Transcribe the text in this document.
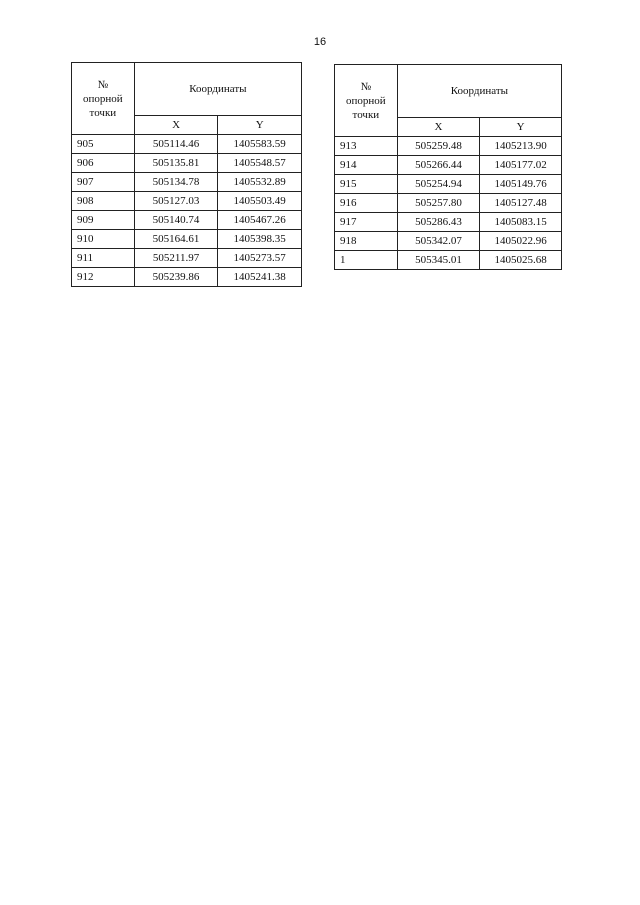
16
№
опорной
точки	Координаты	
	X	Y
905	505114.46	1405583.59
906	505135.81	1405548.57
907	505134.78	1405532.89
908	505127.03	1405503.49
909	505140.74	1405467.26
910	505164.61	1405398.35
911	505211.97	1405273.57
912	505239.86	1405241.38
№
опорной
точки	Координаты	
	X	Y
913	505259.48	1405213.90
914	505266.44	1405177.02
915	505254.94	1405149.76
916	505257.80	1405127.48
917	505286.43	1405083.15
918	505342.07	1405022.96
1	505345.01	1405025.68
